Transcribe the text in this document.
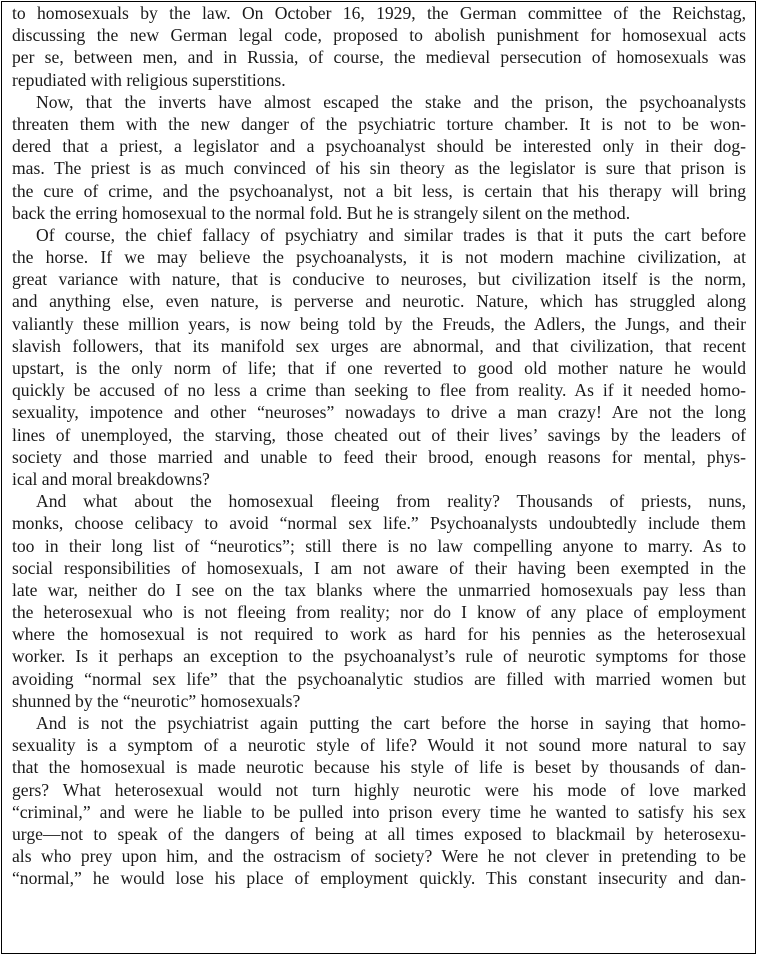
to homosexuals by the law. On October 16, 1929, the German committee of the Reichstag,
discussing the new German legal code, proposed to abolish punishment for homosexual acts
per se, between men, and in Russia, of course, the medieval persecution of homosexuals was
repudiated with religious superstitions.
Now, that the inverts have almost escaped the stake and the prison, the psychoanalysts
threaten them with the new danger of the psychiatric torture chamber. It is not to be won-
dered that a priest, a legislator and a psychoanalyst should be interested only in their dog-
mas. The priest is as much convinced of his sin theory as the legislator is sure that prison is
the cure of crime, and the psychoanalyst, not a bit less, is certain that his therapy will bring
back the erring homosexual to the normal fold. But he is strangely silent on the method.
Of course, the chief fallacy of psychiatry and similar trades is that it puts the cart before
the horse. If we may believe the psychoanalysts, it is not modern machine civilization, at
great variance with nature, that is conducive to neuroses, but civilization itself is the norm,
and anything else, even nature, is perverse and neurotic. Nature, which has struggled along
valiantly these million years, is now being told by the Freuds, the Adlers, the Jungs, and their
slavish followers, that its manifold sex urges are abnormal, and that civilization, that recent
upstart, is the only norm of life; that if one reverted to good old mother nature he would
quickly be accused of no less a crime than seeking to flee from reality. As if it needed homo-
sexuality, impotence and other “neuroses” nowadays to drive a man crazy! Are not the long
lines of unemployed, the starving, those cheated out of their lives’ savings by the leaders of
society and those married and unable to feed their brood, enough reasons for mental, phys-
ical and moral breakdowns?
And what about the homosexual fleeing from reality? Thousands of priests, nuns,
monks, choose celibacy to avoid “normal sex life.” Psychoanalysts undoubtedly include them
too in their long list of “neurotics”; still there is no law compelling anyone to marry. As to
social responsibilities of homosexuals, I am not aware of their having been exempted in the
late war, neither do I see on the tax blanks where the unmarried homosexuals pay less than
the heterosexual who is not fleeing from reality; nor do I know of any place of employment
where the homosexual is not required to work as hard for his pennies as the heterosexual
worker. Is it perhaps an exception to the psychoanalyst’s rule of neurotic symptoms for those
avoiding “normal sex life” that the psychoanalytic studios are filled with married women but
shunned by the “neurotic” homosexuals?
And is not the psychiatrist again putting the cart before the horse in saying that homo-
sexuality is a symptom of a neurotic style of life? Would it not sound more natural to say
that the homosexual is made neurotic because his style of life is beset by thousands of dan-
gers? What heterosexual would not turn highly neurotic were his mode of love marked
“criminal,” and were he liable to be pulled into prison every time he wanted to satisfy his sex
urge—not to speak of the dangers of being at all times exposed to blackmail by heterosexu-
als who prey upon him, and the ostracism of society? Were he not clever in pretending to be
“normal,” he would lose his place of employment quickly. This constant insecurity and dan-
